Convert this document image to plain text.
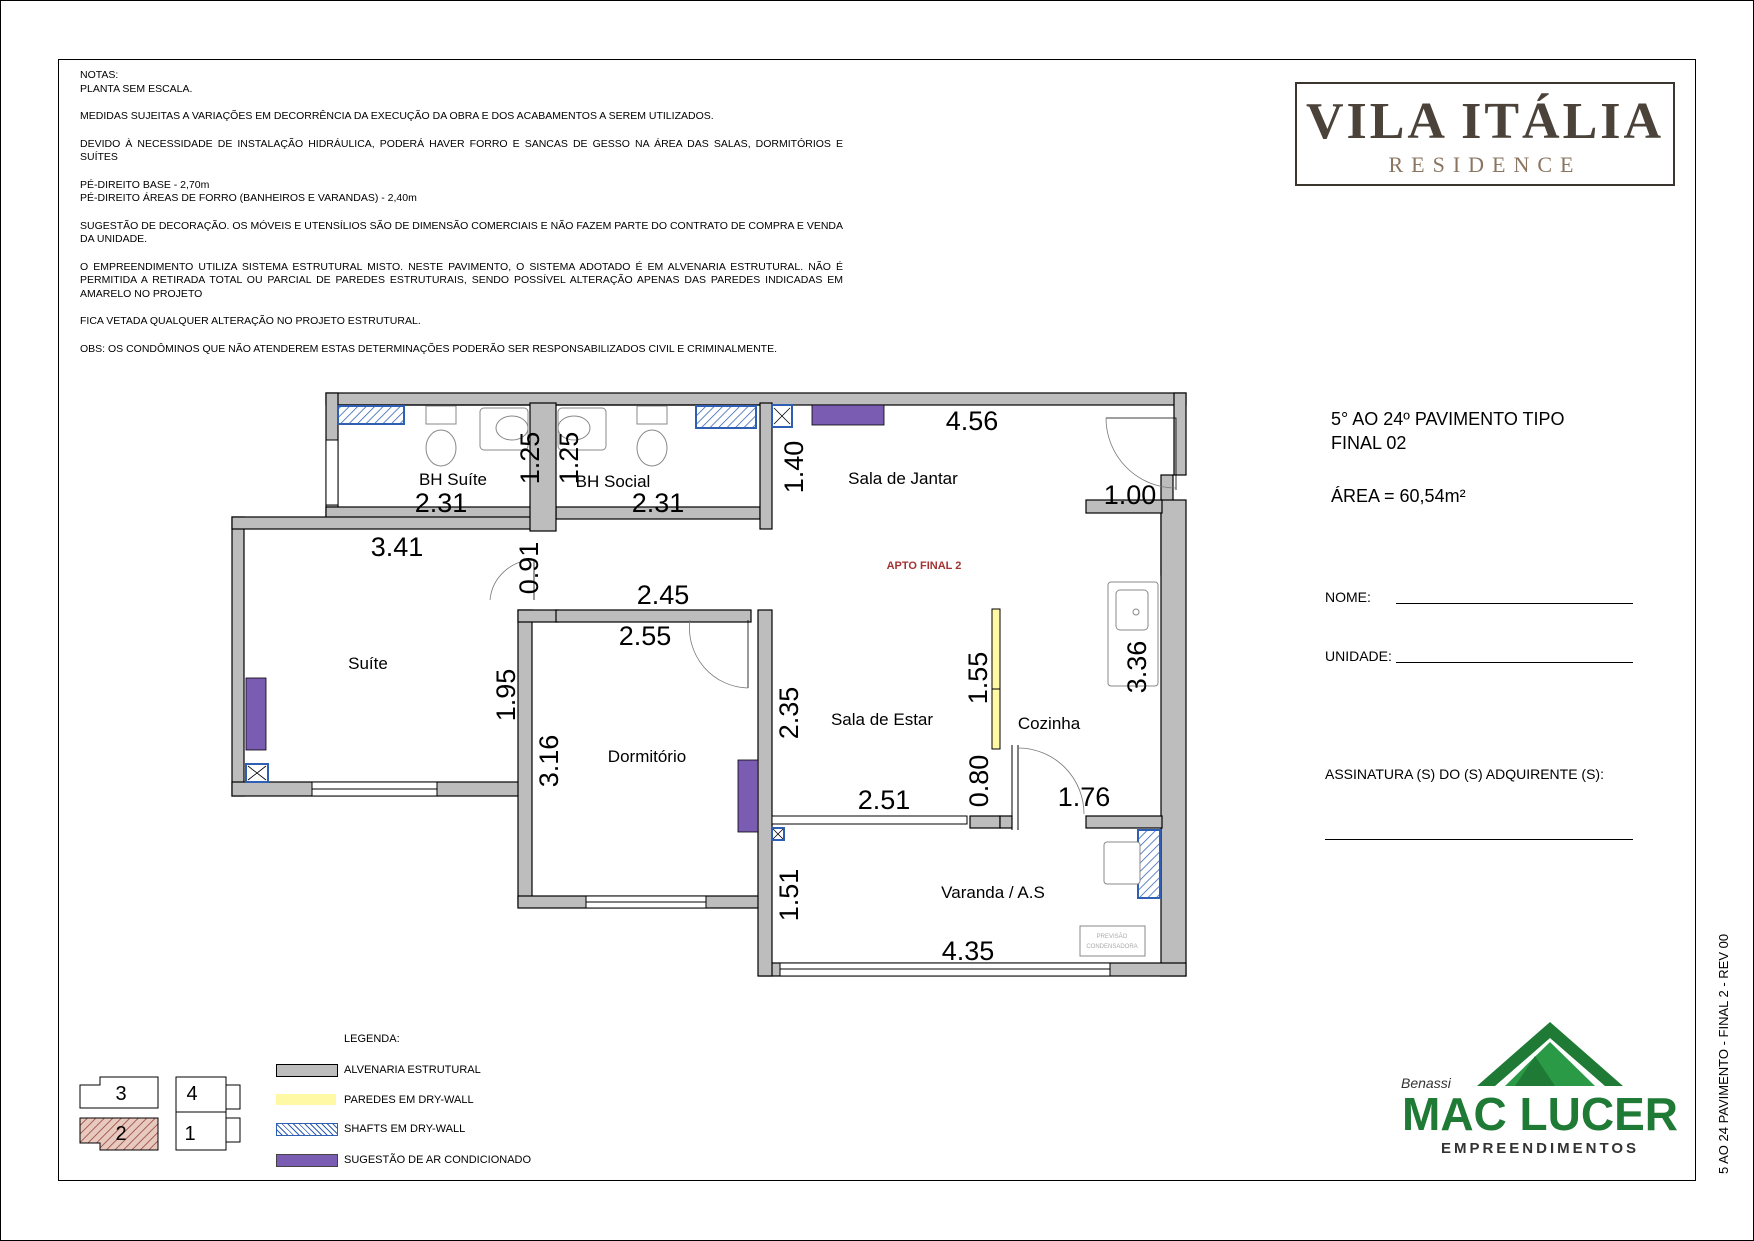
NOTAS:

PLANTA SEM ESCALA.

MEDIDAS SUJEITAS A VARIAÇÕES EM DECORRÊNCIA DA EXECUÇÃO DA OBRA E DOS ACABAMENTOS A SEREM UTILIZADOS.

DEVIDO À NECESSIDADE DE INSTALAÇÃO HIDRÁULICA, PODERÁ HAVER FORRO E SANCAS DE GESSO NA ÁREA DAS SALAS, DORMITÓRIOS E SUÍTES

PÉ-DIREITO BASE - 2,70m

PÉ-DIREITO ÁREAS DE FORRO (BANHEIROS E VARANDAS) - 2,40m

SUGESTÃO DE DECORAÇÃO. OS MÓVEIS E UTENSÍLIOS SÃO DE DIMENSÃO COMERCIAIS E NÃO FAZEM PARTE DO CONTRATO DE COMPRA E VENDA DA UNIDADE.

O EMPREENDIMENTO UTILIZA SISTEMA ESTRUTURAL MISTO. NESTE PAVIMENTO, O SISTEMA ADOTADO É EM ALVENARIA ESTRUTURAL. NÃO É PERMITIDA A RETIRADA TOTAL OU PARCIAL DE PAREDES ESTRUTURAIS, SENDO POSSÍVEL ALTERAÇÃO APENAS DAS PAREDES INDICADAS EM AMARELO NO PROJETO

FICA VETADA QUALQUER ALTERAÇÃO NO PROJETO ESTRUTURAL.

OBS: OS CONDÔMINOS QUE NÃO ATENDEREM ESTAS DETERMINAÇÕES PODERÃO SER RESPONSABILIZADOS CIVIL E CRIMINALMENTE.

VILA ITÁLIA
RESIDENCE
5° AO 24º PAVIMENTO TIPO
FINAL 02
ÁREA = 60,54m²
NOME:
UNIDADE:
ASSINATURA (S) DO (S) ADQUIRENTE (S):
PREVISÃO
CONDENSADORA
APTO FINAL 2
BH Suíte	BH Social	Sala de Jantar
Suíte
Dormitório
Sala de Estar	Cozinha
Varanda / A.S
4.56
1.00
2.31	2.31
3.41
2.45
2.55
2.51	1.76
4.35
1.40
1.25 1.25
0.91
1.95
3.16
2.35
1.55	3.36
0.80
1.51
3	4
2	1
LEGENDA:
ALVENARIA ESTRUTURAL
PAREDES EM DRY-WALL
SHAFTS EM DRY-WALL
SUGESTÃO DE AR CONDICIONADO
Benassi
MAC LUCER
EMPREENDIMENTOS	5 AO 24 PAVIMENTO - FINAL 2 - REV 00
